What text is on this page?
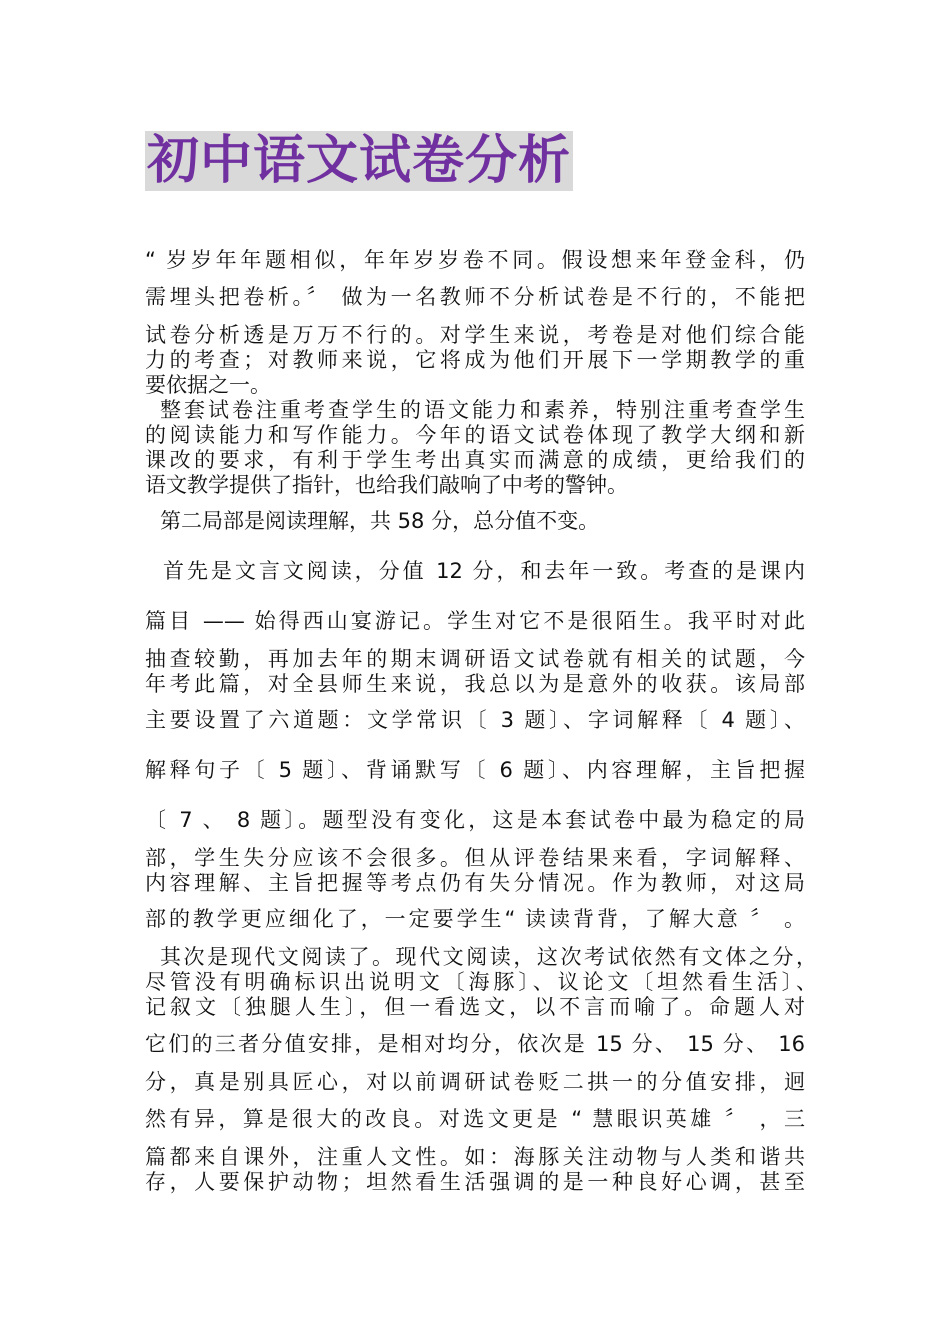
初中语文试卷分析
“ 岁岁年年题相似，年年岁岁卷不同。假设想来年登金科，仍
需埋头把卷析。〞 做为一名教师不分析试卷是不行的，不能把
试卷分析透是万万不行的。对学生来说，考卷是对他们综合能
力的考查；对教师来说，它将成为他们开展下一学期教学的重
要依据之一。
整套试卷注重考查学生的语文能力和素养，特别注重考查学生
的阅读能力和写作能力。今年的语文试卷体现了教学大纲和新
课改的要求，有利于学生考出真实而满意的成绩，更给我们的
语文教学提供了指针，也给我们敲响了中考的警钟。
第二局部是阅读理解，共 58 分，总分值不变。
首先是文言文阅读，分值 12 分，和去年一致。考查的是课内
篇目 —— 始得西山宴游记。学生对它不是很陌生。我平时对此
抽查较勤，再加去年的期末调研语文试卷就有相关的试题，今
年考此篇，对全县师生来说，我总以为是意外的收获。该局部
主要设置了六道题：文学常识〔 3 题〕、字词解释〔 4 题〕、
解释句子〔 5 题〕、背诵默写〔 6 题〕、内容理解，主旨把握
〔 7 、 8 题〕。题型没有变化，这是本套试卷中最为稳定的局
部，学生失分应该不会很多。但从评卷结果来看，字词解释、
内容理解、主旨把握等考点仍有失分情况。作为教师，对这局
部的教学更应细化了，一定要学生“ 读读背背，了解大意 〞 。
其次是现代文阅读了。现代文阅读，这次考试依然有文体之分，
尽管没有明确标识出说明文〔海豚〕、议论文〔坦然看生活〕、
记叙文〔独腿人生〕，但一看选文，以不言而喻了。命题人对
它们的三者分值安排，是相对均分，依次是 15 分、 15 分、 16
分，真是别具匠心，对以前调研试卷贬二拱一的分值安排，迥
然有异，算是很大的改良。对选文更是 “ 慧眼识英雄 〞 ，三
篇都来自课外，注重人文性。如：海豚关注动物与人类和谐共
存，人要保护动物；坦然看生活强调的是一种良好心调，甚至
